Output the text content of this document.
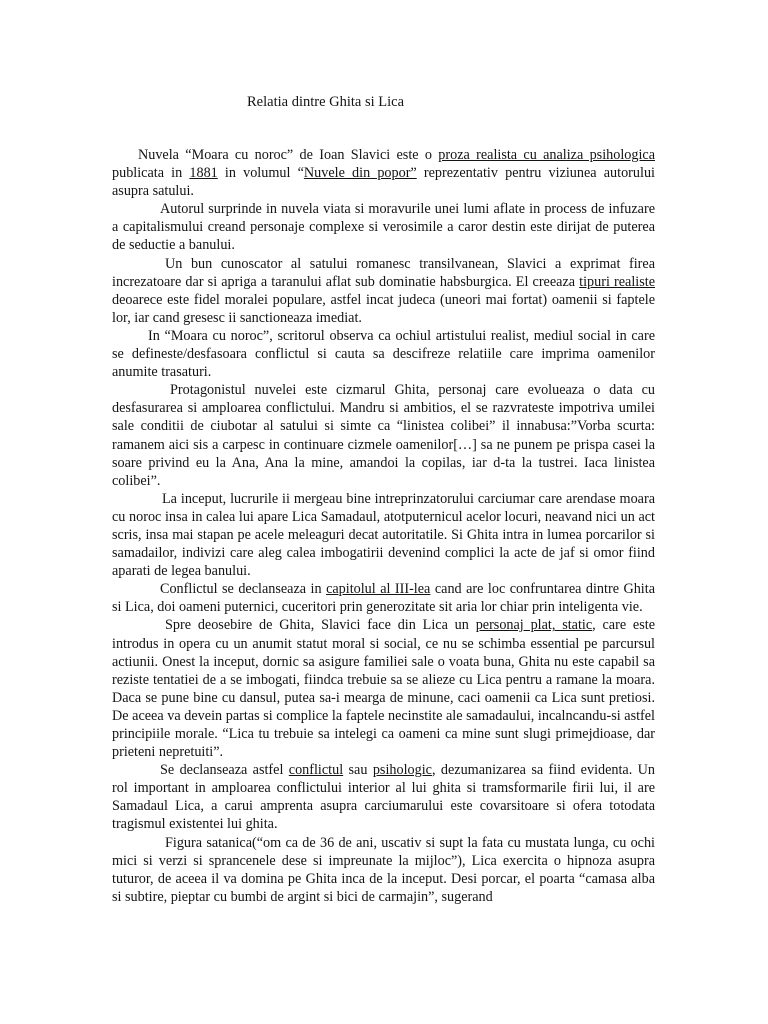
Relatia dintre Ghita si Lica

Nuvela “Moara cu noroc” de Ioan Slavici este o proza realista cu analiza psihologica publicata in 1881 in volumul “Nuvele din popor” reprezentativ pentru viziunea autorului asupra satului.

Autorul surprinde in nuvela viata si moravurile unei lumi aflate in process de infuzare a capitalismului creand personaje complexe si verosimile a caror destin este dirijat de puterea de seductie a banului.

Un bun cunoscator al satului romanesc transilvanean, Slavici a exprimat firea increzatoare dar si apriga a taranului aflat sub dominatie habsburgica. El creeaza tipuri realiste deoarece este fidel moralei populare, astfel incat judeca (uneori mai fortat) oamenii si faptele lor, iar cand gresesc ii sanctioneaza imediat.

In “Moara cu noroc”, scritorul observa ca ochiul artistului realist, mediul social in care se defineste/desfasoara conflictul si cauta sa descifreze relatiile care imprima oamenilor anumite trasaturi.

Protagonistul nuvelei este cizmarul Ghita, personaj care evolueaza o data cu desfasurarea si amploarea conflictului. Mandru si ambitios, el se razvrateste impotriva umilei sale conditii de ciubotar al satului si simte ca “linistea colibei” il innabusa:”Vorba scurta: ramanem aici sis a carpesc in continuare cizmele oamenilor[…] sa ne punem pe prispa casei la soare privind eu la Ana, Ana la mine, amandoi la copilas, iar d-ta la tustrei. Iaca linistea colibei”.

La inceput, lucrurile ii mergeau bine intreprinzatorului carciumar care arendase moara cu noroc insa in calea lui apare Lica Samadaul, atotputernicul acelor locuri, neavand nici un act scris, insa mai stapan pe acele meleaguri decat autoritatile. Si Ghita intra in lumea porcarilor si samadailor, indivizi care aleg calea imbogatirii devenind complici la acte de jaf si omor fiind aparati de legea banului.

Conflictul se declanseaza in capitolul al III-lea cand are loc confruntarea dintre Ghita si Lica, doi oameni puternici, cuceritori prin generozitate sit aria lor chiar prin inteligenta vie.

Spre deosebire de Ghita, Slavici face din Lica un personaj plat, static, care este introdus in opera cu un anumit statut moral si social, ce nu se schimba essential pe parcursul actiunii. Onest la inceput, dornic sa asigure familiei sale o voata buna, Ghita nu este capabil sa reziste tentatiei de a se imbogati, fiindca trebuie sa se alieze cu Lica pentru a ramane la moara. Daca se pune bine cu dansul, putea sa-i mearga de minune, caci oamenii ca Lica sunt pretiosi. De aceea va devein partas si complice la faptele necinstite ale samadaului, incalncandu-si astfel principiile morale. “Lica tu trebuie sa intelegi ca oameni ca mine sunt slugi primejdioase, dar prieteni nepretuiti”.

Se declanseaza astfel conflictul sau psihologic, dezumanizarea sa fiind evidenta. Un rol important in amploarea conflictului interior al lui ghita si tramsformarile firii lui, il are Samadaul Lica, a carui amprenta asupra carciumarului este covarsitoare si ofera totodata tragismul existentei lui ghita.

Figura satanica(“om ca de 36 de ani, uscativ si supt la fata cu mustata lunga, cu ochi mici si verzi si sprancenele dese si impreunate la mijloc”), Lica exercita o hipnoza asupra tuturor, de aceea il va domina pe Ghita inca de la inceput. Desi porcar, el poarta “camasa alba si subtire, pieptar cu bumbi de argint si bici de carmajin”, sugerand
